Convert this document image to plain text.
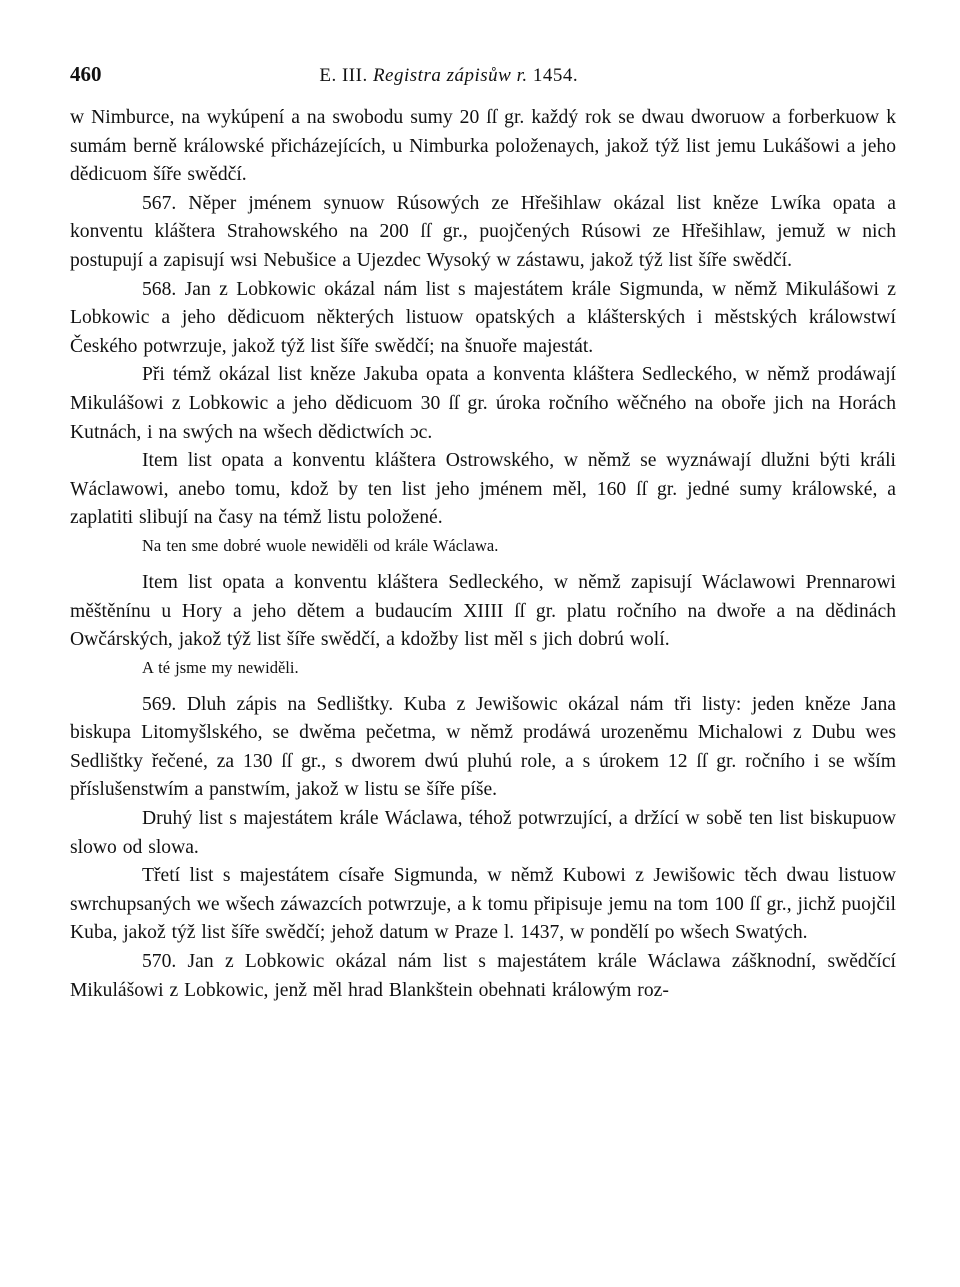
460	E. III. Registra zápisůw r. 1454.

w Nimburce, na wykúpení a na swobodu sumy 20 ſſ gr. každý rok se dwau dworuow a forberkuow k sumám berně králowské přicházejících, u Nimburka položenaych, jakož týž list jemu Lukášowi a jeho dědicuom šíře swědčí.

567. Něper jménem synuow Rúsowých ze Hřešihlaw okázal list kněze Lwíka opata a konventu kláštera Strahowského na 200 ſſ gr., puojčených Rúsowi ze Hřešihlaw, jemuž w nich postupují a zapisují wsi Nebušice a Ujezdec Wysoký w zástawu, jakož týž list šíře swědčí.

568. Jan z Lobkowic okázal nám list s majestátem krále Sigmunda, w němž Mikulášowi z Lobkowic a jeho dědicuom některých listuow opatských a klášterských i městských králowstwí Českého potwrzuje, jakož týž list šíře swědčí; na šnuoře majestát.

Při témž okázal list kněze Jakuba opata a konventa kláštera Sedleckého, w němž prodáwají Mikulášowi z Lobkowic a jeho dědicuom 30 ſſ gr. úroka ročního wěčného na oboře jich na Horách Kutnách, i na swých na wšech dědictwích ɔc.

Item list opata a konventu kláštera Ostrowského, w němž se wyznáwají dlužni býti králi Wáclawowi, anebo tomu, kdož by ten list jeho jménem měl, 160 ſſ gr. jedné sumy králowské, a zaplatiti slibují na časy na témž listu položené.

Na ten sme dobré wuole newiděli od krále Wáclawa.

Item list opata a konventu kláštera Sedleckého, w němž zapisují Wáclawowi Prennarowi měštěnínu u Hory a jeho dětem a budaucím XIIII ſſ gr. platu ročního na dwoře a na dědinách Owčárských, jakož týž list šíře swědčí, a kdožby list měl s jich dobrú wolí.

A té jsme my newiděli.

569. Dluh zápis na Sedlištky. Kuba z Jewišowic okázal nám tři listy: jeden kněze Jana biskupa Litomyšlského, se dwěma pečetma, w němž prodáwá urozeněmu Michalowi z Dubu wes Sedlištky řečené, za 130 ſſ gr., s dworem dwú pluhú role, a s úrokem 12 ſſ gr. ročního i se wším příslušenstwím a panstwím, jakož w listu se šíře píše.

Druhý list s majestátem krále Wáclawa, téhož potwrzující, a držící w sobě ten list biskupuow slowo od slowa.

Třetí list s majestátem císaře Sigmunda, w němž Kubowi z Jewišowic těch dwau listuow swrchupsaných we wšech záwazcích potwrzuje, a k tomu připisuje jemu na tom 100 ſſ gr., jichž puojčil Kuba, jakož týž list šíře swědčí; jehož datum w Praze l. 1437, w pondělí po wšech Swatých.

570. Jan z Lobkowic okázal nám list s majestátem krále Wáclawa zášknodní, swědčící Mikulášowi z Lobkowic, jenž měl hrad Blankštein obehnati králowým roz-
